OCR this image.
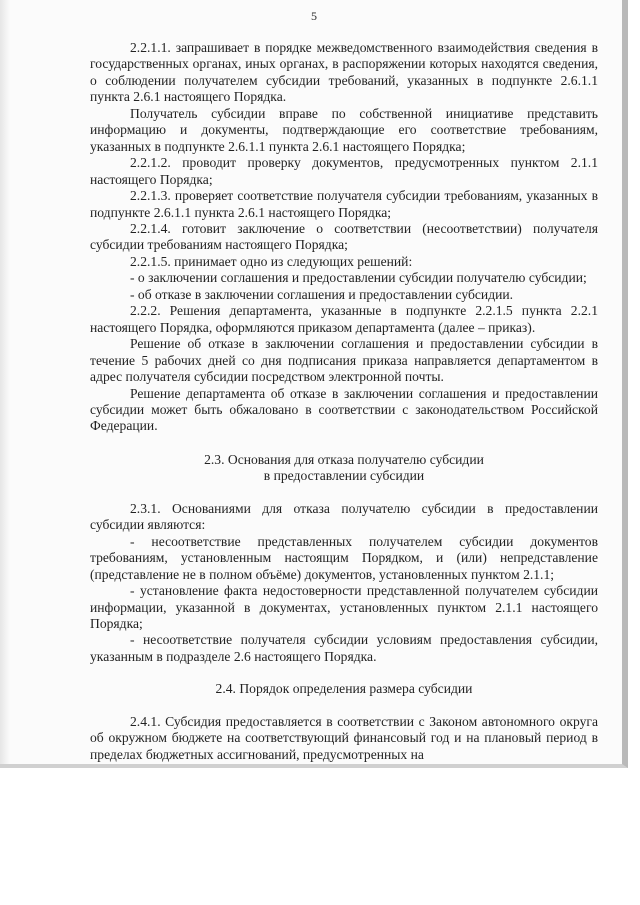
5

2.2.1.1. запрашивает в порядке межведомственного взаимодействия сведения в государственных органах, иных органах, в распоряжении которых находятся сведения, о соблюдении получателем субсидии требований, указанных в подпункте 2.6.1.1 пункта 2.6.1 настоящего Порядка.

Получатель субсидии вправе по собственной инициативе представить информацию и документы, подтверждающие его соответствие требованиям, указанных в подпункте 2.6.1.1 пункта 2.6.1 настоящего Порядка;

2.2.1.2. проводит проверку документов, предусмотренных пунктом 2.1.1 настоящего Порядка;

2.2.1.3. проверяет соответствие получателя субсидии требованиям, указанных в подпункте 2.6.1.1 пункта 2.6.1 настоящего Порядка;

2.2.1.4. готовит заключение о соответствии (несоответствии) получателя субсидии требованиям настоящего Порядка;

2.2.1.5. принимает одно из следующих решений:

- о заключении соглашения и предоставлении субсидии получателю субсидии;

- об отказе в заключении соглашения и предоставлении субсидии.

2.2.2. Решения департамента, указанные в подпункте 2.2.1.5 пункта 2.2.1 настоящего Порядка, оформляются приказом департамента (далее – приказ).

Решение об отказе в заключении соглашения и предоставлении субсидии в течение 5 рабочих дней со дня подписания приказа направляется департаментом в адрес получателя субсидии посредством электронной почты.

Решение департамента об отказе в заключении соглашения и предоставлении субсидии может быть обжаловано в соответствии с законодательством Российской Федерации.

2.3. Основания для отказа получателю субсидии
в предоставлении субсидии

2.3.1. Основаниями для отказа получателю субсидии в предоставлении субсидии являются:

- несоответствие представленных получателем субсидии документов требованиям, установленным настоящим Порядком, и (или) непредставление (представление не в полном объёме) документов, установленных пунктом 2.1.1;

- установление факта недостоверности представленной получателем субсидии информации, указанной в документах, установленных пунктом 2.1.1 настоящего Порядка;

- несоответствие получателя субсидии условиям предоставления субсидии, указанным в подразделе 2.6 настоящего Порядка.

2.4. Порядок определения размера субсидии

2.4.1. Субсидия предоставляется в соответствии с Законом автономного округа об окружном бюджете на соответствующий финансовый год и на плановый период в пределах бюджетных ассигнований, предусмотренных на
